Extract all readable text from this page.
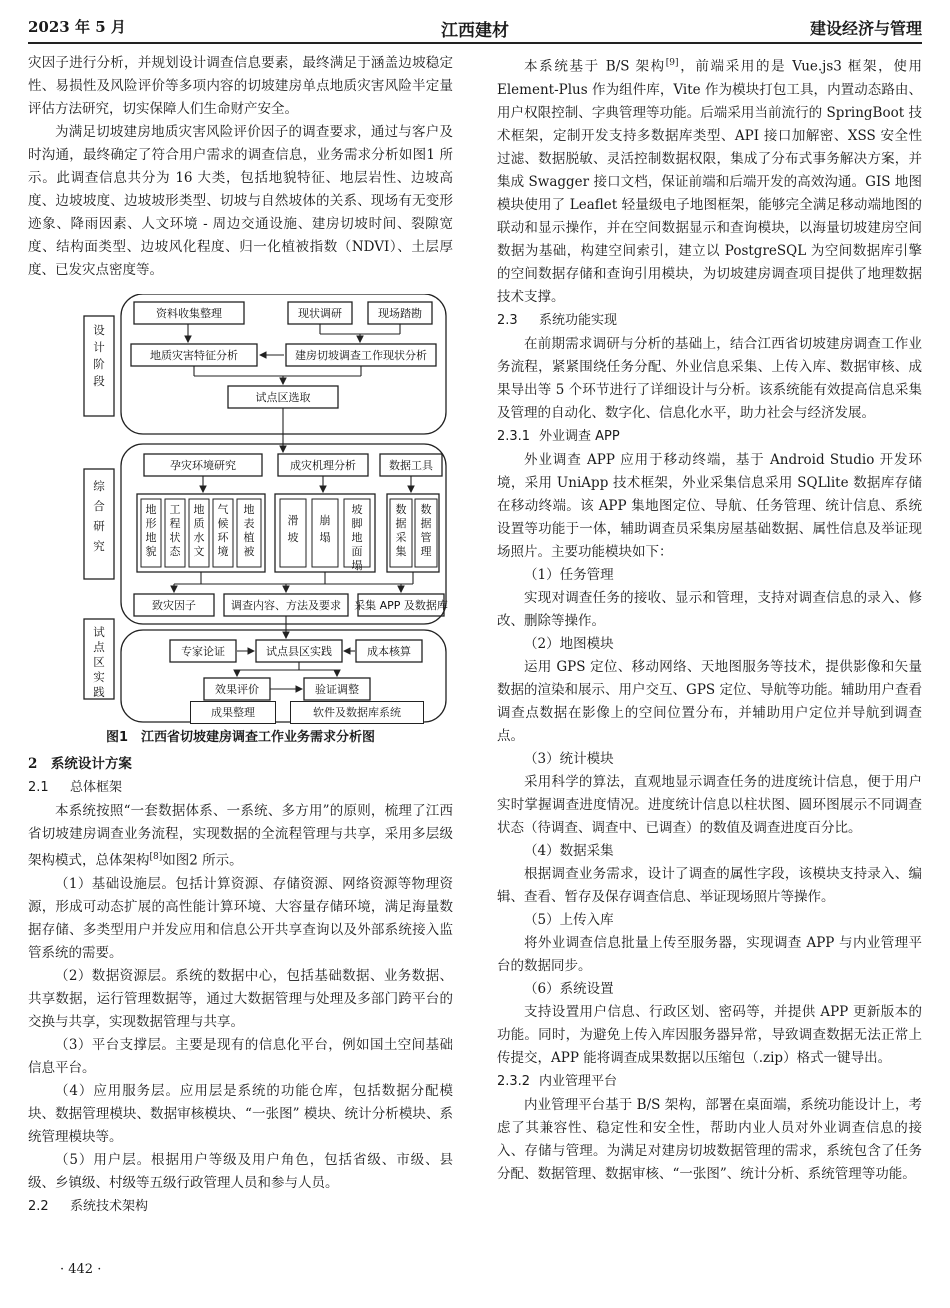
2023 年 5 月	江西建材	建设经济与管理

灾因子进行分析，并规划设计调查信息要素，最终满足于涵盖边坡稳定性、易损性及风险评价等多项内容的切坡建房单点地质灾害风险半定量评估方法研究，切实保障人们生命财产安全。

为满足切坡建房地质灾害风险评价因子的调查要求，通过与客户及时沟通，最终确定了符合用户需求的调查信息，业务需求分析如图1 所示。此调查信息共分为 16 大类，包括地貌特征、地层岩性、边坡高度、边坡坡度、边坡坡形类型、切坡与自然坡体的关系、现场有无变形迹象、降雨因素、人文环境 - 周边交通设施、建房切坡时间、裂隙宽度、结构面类型、边坡风化程度、归一化植被指数（NDVI）、土层厚度、已发灾点密度等。

设计阶段
综合研究
试点区实践
资料收集整理	现状调研	现场踏勘
地质灾害特征分析	建房切坡调查工作现状分析
试点区选取
孕灾环境研究	成灾机理分析	数据工具
致灾因子	调查内容、方法及要求 采集 APP 及数据库
专家论证	试点县区实践	成本核算
效果评价	验证调整
地形地貌
工程状态
地质水文
气候环境
地表植被
滑坡
崩塌
坡脚地面塌
数据采集
数据管理
成果整理	软件及数据库系统
图1　江西省切坡建房调查工作业务需求分析图
2　系统设计方案
2.1 总体框架

本系统按照“一套数据体系、一系统、多方用”的原则，梳理了江西省切坡建房调查业务流程，实现数据的全流程管理与共享，采用多层级架构模式，总体架构[8]如图2 所示。

（1）基础设施层。包括计算资源、存储资源、网络资源等物理资源，形成可动态扩展的高性能计算环境、大容量存储环境，满足海量数据存储、多类型用户并发应用和信息公开共享查询以及外部系统接入监管系统的需要。

（2）数据资源层。系统的数据中心，包括基础数据、业务数据、共享数据，运行管理数据等，通过大数据管理与处理及多部门跨平台的交换与共享，实现数据管理与共享。

（3）平台支撑层。主要是现有的信息化平台，例如国土空间基础信息平台。

（4）应用服务层。应用层是系统的功能仓库，包括数据分配模块、数据管理模块、数据审核模块、“一张图” 模块、统计分析模块、系统管理模块等。

（5）用户层。根据用户等级及用户角色，包括省级、市级、县级、乡镇级、村级等五级行政管理人员和参与人员。

2.2 系统技术架构
· 442 ·

本系统基于 B/S 架构[9]，前端采用的是 Vue.js3 框架，使用 Element-Plus 作为组件库，Vite 作为模块打包工具，内置动态路由、用户权限控制、字典管理等功能。后端采用当前流行的 SpringBoot 技术框架，定制开发支持多数据库类型、API 接口加解密、XSS 安全性过滤、数据脱敏、灵活控制数据权限，集成了分布式事务解决方案，并集成 Swagger 接口文档，保证前端和后端开发的高效沟通。GIS 地图模块使用了 Leaflet 轻量级电子地图框架，能够完全满足移动端地图的联动和显示操作，并在空间数据显示和查询模块，以海量切坡建房空间数据为基础，构建空间索引，建立以 PostgreSQL 为空间数据库引擎的空间数据存储和查询引用模块，为切坡建房调查项目提供了地理数据技术支撑。

2.3 系统功能实现

在前期需求调研与分析的基础上，结合江西省切坡建房调查工作业务流程，紧紧围绕任务分配、外业信息采集、上传入库、数据审核、成果导出等 5 个环节进行了详细设计与分析。该系统能有效提高信息采集及管理的自动化、数字化、信息化水平，助力社会与经济发展。

2.3.1 外业调查 APP

外业调查 APP 应用于移动终端，基于 Android Studio 开发环境，采用 UniApp 技术框架，外业采集信息采用 SQLlite 数据库存储在移动终端。该 APP 集地图定位、导航、任务管理、统计信息、系统设置等功能于一体，辅助调查员采集房屋基础数据、属性信息及举证现场照片。主要功能模块如下：

（1）任务管理

实现对调查任务的接收、显示和管理，支持对调查信息的录入、修改、删除等操作。

（2）地图模块

运用 GPS 定位、移动网络、天地图服务等技术，提供影像和矢量数据的渲染和展示、用户交互、GPS 定位、导航等功能。辅助用户查看调查点数据在影像上的空间位置分布，并辅助用户定位并导航到调查点。

（3）统计模块

采用科学的算法，直观地显示调查任务的进度统计信息，便于用户实时掌握调查进度情况。进度统计信息以柱状图、圆环图展示不同调查状态（待调查、调查中、已调查）的数值及调查进度百分比。

（4）数据采集

根据调查业务需求，设计了调查的属性字段，该模块支持录入、编辑、查看、暂存及保存调查信息、举证现场照片等操作。

（5）上传入库

将外业调查信息批量上传至服务器，实现调查 APP 与内业管理平台的数据同步。

（6）系统设置

支持设置用户信息、行政区划、密码等，并提供 APP 更新版本的功能。同时，为避免上传入库因服务器异常，导致调查数据无法正常上传提交，APP 能将调查成果数据以压缩包（.zip）格式一键导出。

2.3.2 内业管理平台

内业管理平台基于 B/S 架构，部署在桌面端，系统功能设计上，考虑了其兼容性、稳定性和安全性，帮助内业人员对外业调查信息的接入、存储与管理。为满足对建房切坡数据管理的需求，系统包含了任务分配、数据管理、数据审核、“一张图”、统计分析、系统管理等功能。
